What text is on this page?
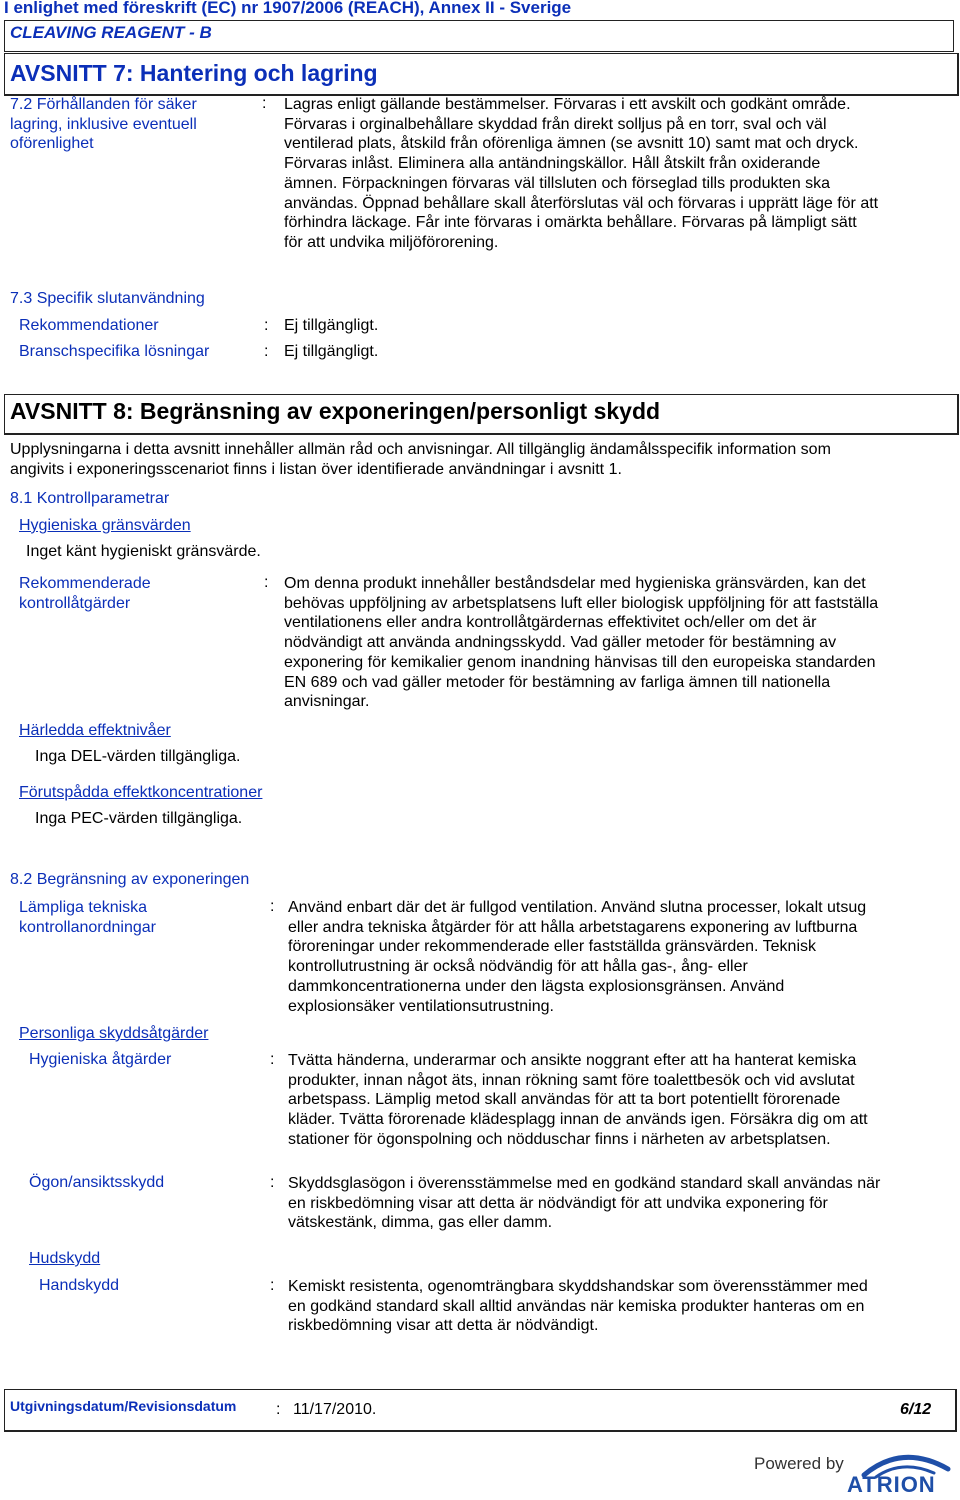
I enlighet med föreskrift (EC) nr 1907/2006 (REACH), Annex II - Sverige
CLEAVING REAGENT - B
AVSNITT 7: Hantering och lagring
7.2 Förhållanden för säker
lagring, inklusive eventuell
oförenlighet
: Lagras enligt gällande bestämmelser. Förvaras i ett avskilt och godkänt område.
Förvaras i orginalbehållare skyddad från direkt solljus på en torr, sval och väl
ventilerad plats, åtskild från oförenliga ämnen (se avsnitt 10) samt mat och dryck.
Förvaras inlåst. Eliminera alla antändningskällor. Håll åtskilt från oxiderande
ämnen. Förpackningen förvaras väl tillsluten och förseglad tills produkten ska
användas. Öppnad behållare skall återförslutas väl och förvaras i upprätt läge för att
förhindra läckage. Får inte förvaras i omärkta behållare. Förvaras på lämpligt sätt
för att undvika miljöförorening.
7.3 Specifik slutanvändning
Rekommendationer	: Ej tillgängligt.
Branschspecifika lösningar	: Ej tillgängligt.
AVSNITT 8: Begränsning av exponeringen/personligt skydd
Upplysningarna i detta avsnitt innehåller allmän råd och anvisningar. All tillgänglig ändamålsspecifik information som
angivits i exponeringsscenariot finns i listan över identifierade användningar i avsnitt 1.
8.1 Kontrollparametrar
Hygieniska gränsvärden
Inget känt hygieniskt gränsvärde.
Rekommenderade
kontrollåtgärder
: Om denna produkt innehåller beståndsdelar med hygieniska gränsvärden, kan det
behövas uppföljning av arbetsplatsens luft eller biologisk uppföljning för att fastställa
ventilationens eller andra kontrollåtgärdernas effektivitet och/eller om det är
nödvändigt att använda andningsskydd. Vad gäller metoder för bestämning av
exponering för kemikalier genom inandning hänvisas till den europeiska standarden
EN 689 och vad gäller metoder för bestämning av farliga ämnen till nationella
anvisningar.
Härledda effektnivåer
Inga DEL-värden tillgängliga.
Förutspådda effektkoncentrationer
Inga PEC-värden tillgängliga.
8.2 Begränsning av exponeringen
Lämpliga tekniska
kontrollanordningar
: Använd enbart där det är fullgod ventilation. Använd slutna processer, lokalt utsug
eller andra tekniska åtgärder för att hålla arbetstagarens exponering av luftburna
föroreningar under rekommenderade eller fastställda gränsvärden. Teknisk
kontrollutrustning är också nödvändig för att hålla gas-, ång- eller
dammkoncentrationerna under den lägsta explosionsgränsen. Använd
explosionsäker ventilationsutrustning.
Personliga skyddsåtgärder
Hygieniska åtgärder	: Tvätta händerna, underarmar och ansikte noggrant efter att ha hanterat kemiska
produkter, innan något äts, innan rökning samt före toalettbesök och vid avslutat
arbetspass. Lämplig metod skall användas för att ta bort potentiellt förorenade
kläder. Tvätta förorenade klädesplagg innan de används igen. Försäkra dig om att
stationer för ögonspolning och nödduschar finns i närheten av arbetsplatsen.
Ögon/ansiktsskydd	: Skyddsglasögon i överensstämmelse med en godkänd standard skall användas när
en riskbedömning visar att detta är nödvändigt för att undvika exponering för
vätskestänk, dimma, gas eller damm.
Hudskydd
Handskydd	: Kemiskt resistenta, ogenomträngbara skyddshandskar som överensstämmer med
en godkänd standard skall alltid användas när kemiska produkter hanteras om en
riskbedömning visar att detta är nödvändigt.
Utgivningsdatum/Revisionsdatum : 11/17/2010.	6/12
Powered by
ATRION
